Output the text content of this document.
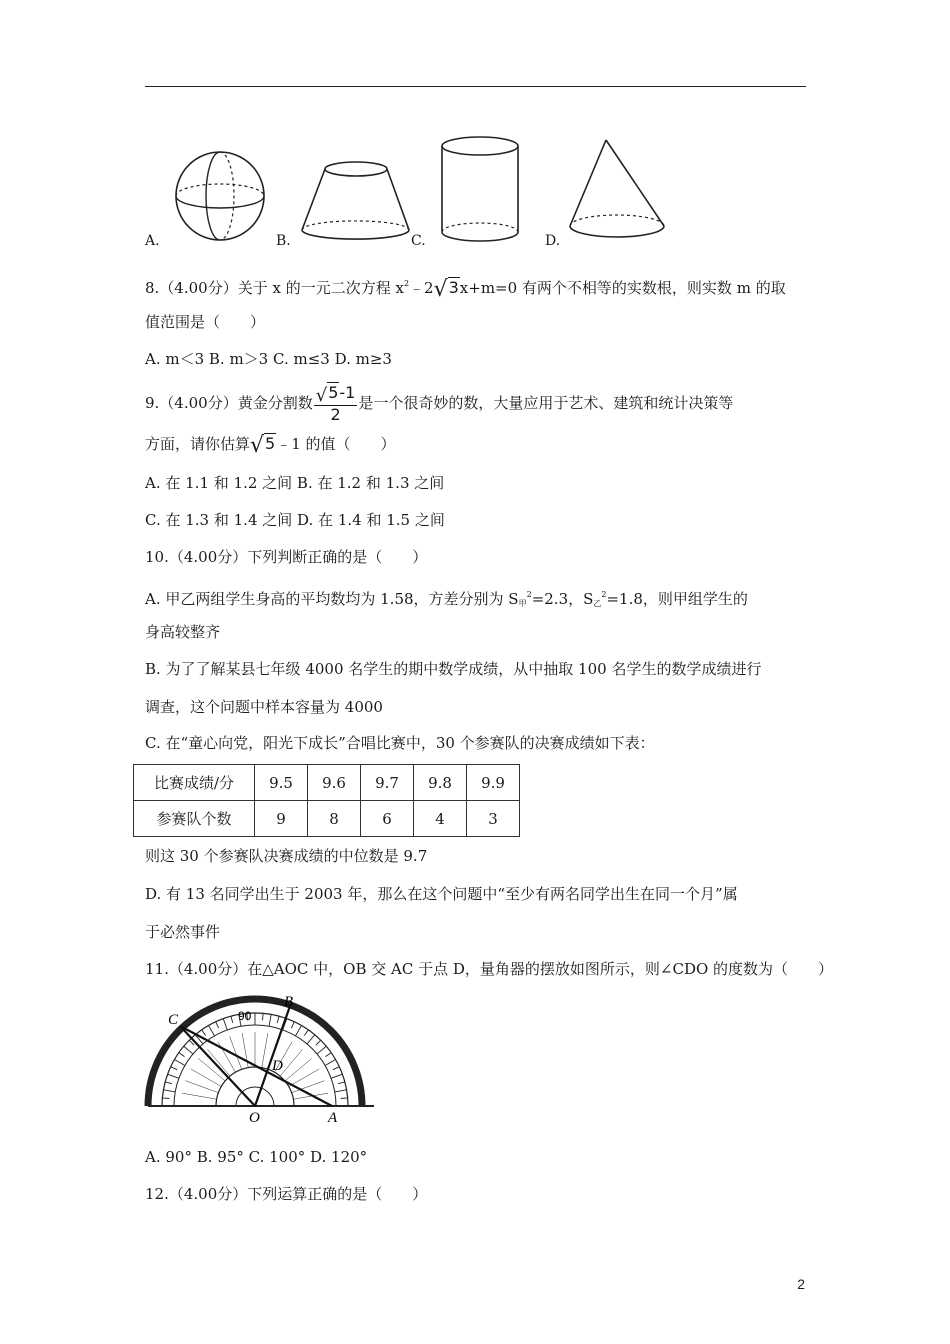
A.	B.	C.	D.
8.（4.00分）关于 x 的一元二次方程 $x^2﹣2√3x+m=0$ 有两个不相等的实数根，则实数 m 的取
值范围是（　　）
A. m＜3 B. m＞3 C. m≤3 D. m≥3
9.（4.00分）黄金分割数 $\frac{√5-1}{2}$ 是一个很奇妙的数，大量应用于艺术、建筑和统计决策等
方面，请你估算√5﹣1 的值（　　）
A. 在 1.1 和 1.2 之间 B. 在 1.2 和 1.3 之间
C. 在 1.3 和 1.4 之间 D. 在 1.4 和 1.5 之间
10.（4.00分）下列判断正确的是（　　）
A. 甲乙两组学生身高的平均数均为 1.58，方差分别为 $S_甲^2=2.3$，$S_乙^2=1.8$，则甲组学生的
身高较整齐
B. 为了了解某县七年级 4000 名学生的期中数学成绩，从中抽取 100 名学生的数学成绩进行
调查，这个问题中样本容量为 4000
C. 在“童心向党，阳光下成长”合唱比赛中，30 个参赛队的决赛成绩如下表：
比赛成绩/分	9.5	9.6	9.7	9.8	9.9
参赛队个数	9	8	6	4	3
则这 30 个参赛队决赛成绩的中位数是 9.7
D. 有 13 名同学出生于 2003 年，那么在这个问题中“至少有两名同学出生在同一个月”属
于必然事件
11.（4.00分）在△AOC 中，OB 交 AC 于点 D，量角器的摆放如图所示，则∠CDO 的度数为（　　）
B
C
D
O	A
90
A. 90° B. 95° C. 100° D. 120°
12.（4.00分）下列运算正确的是（　　）
2
